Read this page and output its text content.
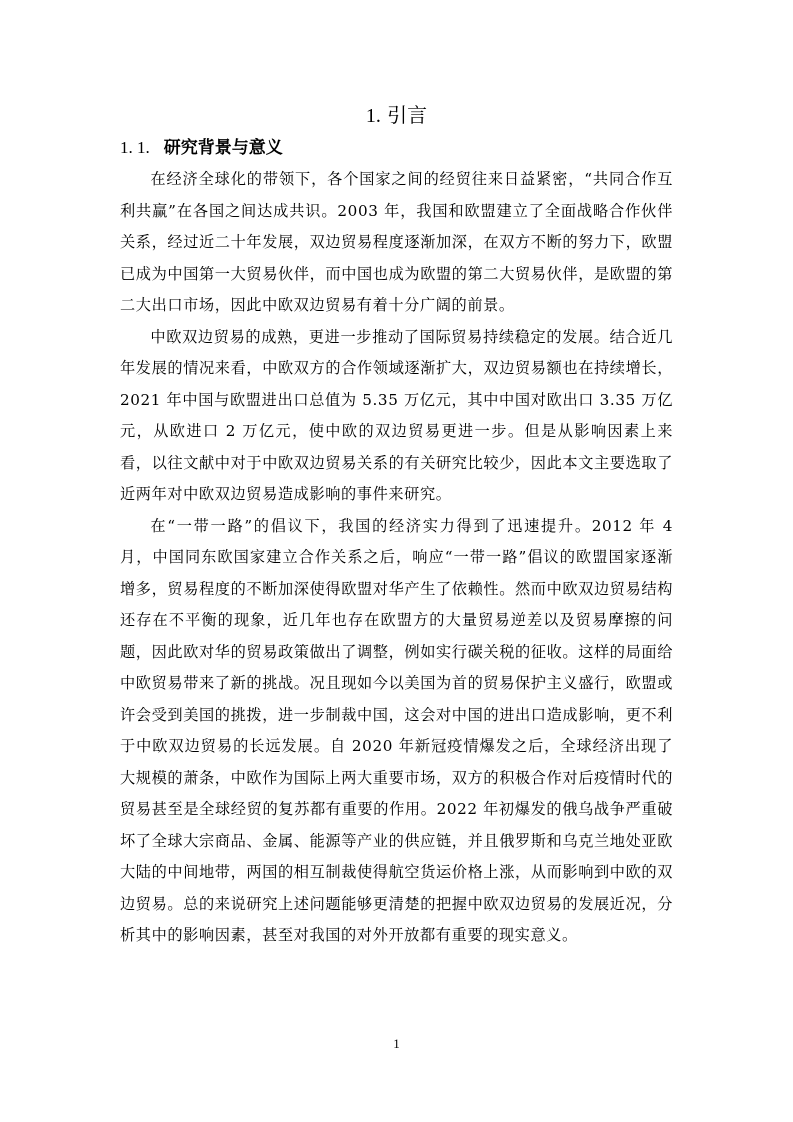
1. 引言
1. 1. 研究背景与意义

在经济全球化的带领下，各个国家之间的经贸往来日益紧密，“共同合作互利共赢”在各国之间达成共识。2003 年，我国和欧盟建立了全面战略合作伙伴关系，经过近二十年发展，双边贸易程度逐渐加深，在双方不断的努力下，欧盟已成为中国第一大贸易伙伴，而中国也成为欧盟的第二大贸易伙伴，是欧盟的第二大出口市场，因此中欧双边贸易有着十分广阔的前景。

中欧双边贸易的成熟，更进一步推动了国际贸易持续稳定的发展。结合近几年发展的情况来看，中欧双方的合作领域逐渐扩大，双边贸易额也在持续增长，2021 年中国与欧盟进出口总值为 5.35 万亿元，其中中国对欧出口 3.35 万亿元，从欧进口 2 万亿元，使中欧的双边贸易更进一步。但是从影响因素上来看，以往文献中对于中欧双边贸易关系的有关研究比较少，因此本文主要选取了近两年对中欧双边贸易造成影响的事件来研究。

在“一带一路”的倡议下，我国的经济实力得到了迅速提升。2012 年 4 月，中国同东欧国家建立合作关系之后，响应“一带一路”倡议的欧盟国家逐渐增多，贸易程度的不断加深使得欧盟对华产生了依赖性。然而中欧双边贸易结构还存在不平衡的现象，近几年也存在欧盟方的大量贸易逆差以及贸易摩擦的问题，因此欧对华的贸易政策做出了调整，例如实行碳关税的征收。这样的局面给中欧贸易带来了新的挑战。况且现如今以美国为首的贸易保护主义盛行，欧盟或许会受到美国的挑拨，进一步制裁中国，这会对中国的进出口造成影响，更不利于中欧双边贸易的长远发展。自 2020 年新冠疫情爆发之后，全球经济出现了大规模的萧条，中欧作为国际上两大重要市场，双方的积极合作对后疫情时代的贸易甚至是全球经贸的复苏都有重要的作用。2022 年初爆发的俄乌战争严重破坏了全球大宗商品、金属、能源等产业的供应链，并且俄罗斯和乌克兰地处亚欧大陆的中间地带，两国的相互制裁使得航空货运价格上涨，从而影响到中欧的双边贸易。总的来说研究上述问题能够更清楚的把握中欧双边贸易的发展近况，分析其中的影响因素，甚至对我国的对外开放都有重要的现实意义。

1
